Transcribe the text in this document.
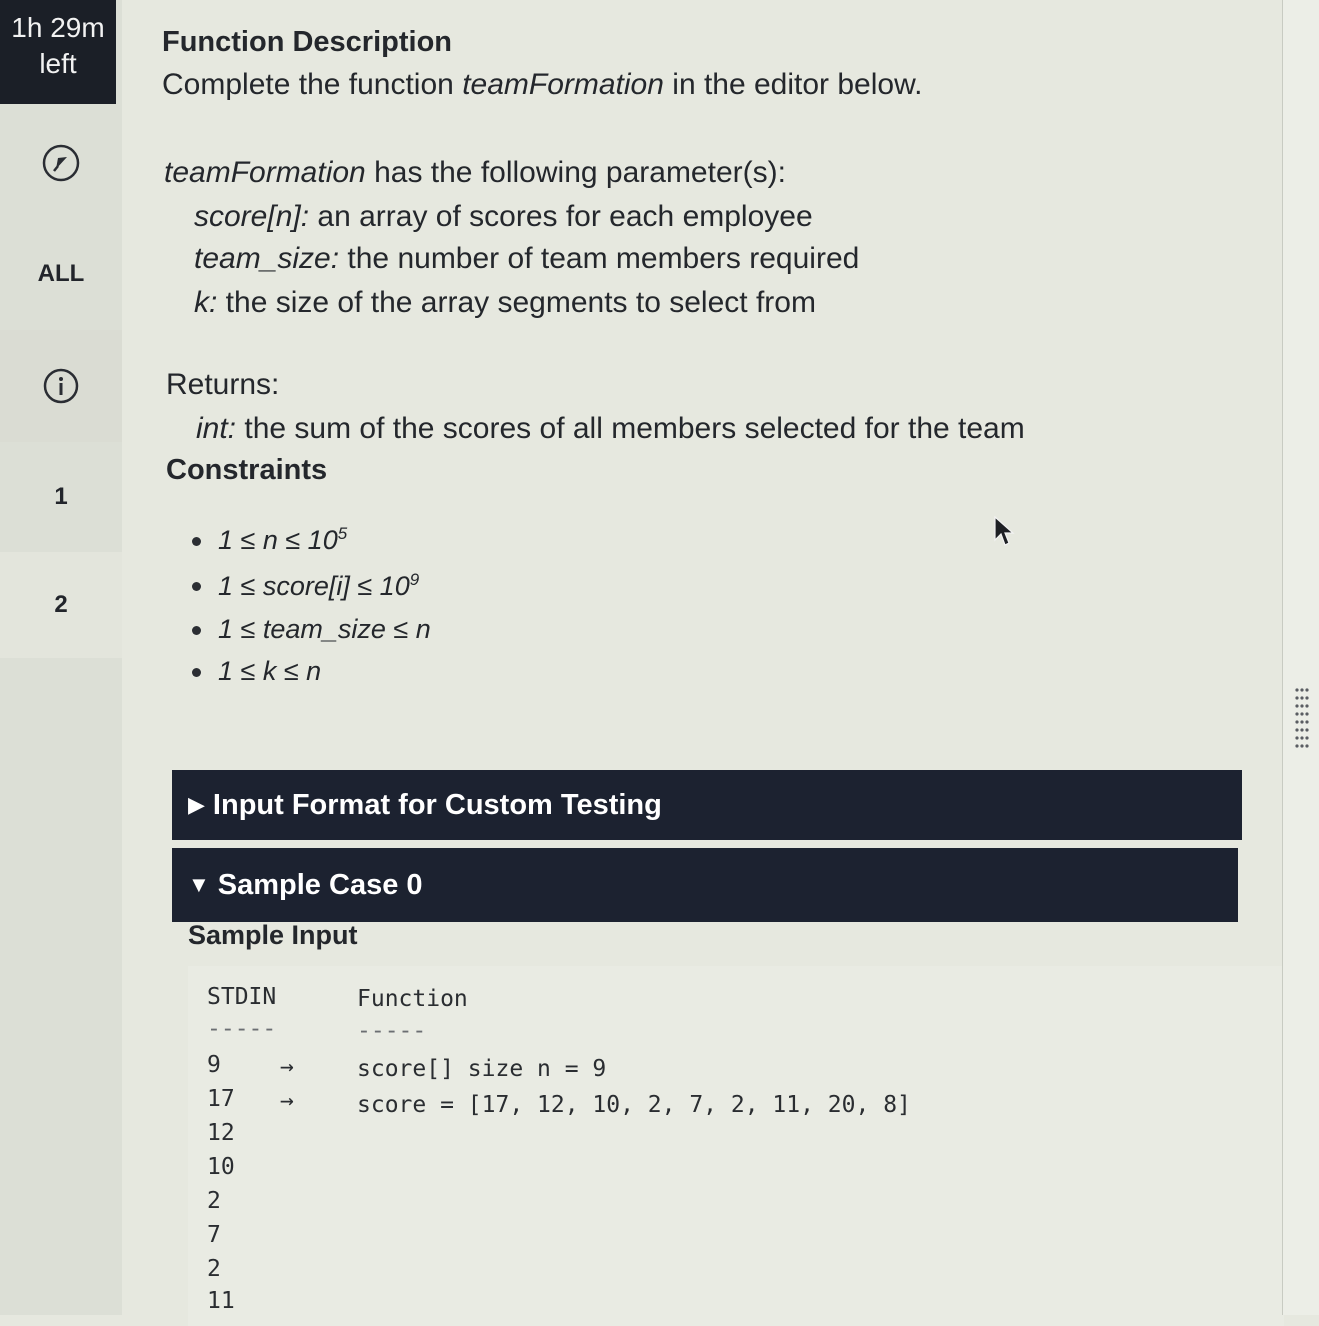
1h 29m
left
ALL
1
2
Function Description
Complete the function teamFormation in the editor below.
teamFormation has the following parameter(s):
score[n]: an array of scores for each employee
team_size: the number of team members required
k: the size of the array segments to select from
Returns:
int: the sum of the scores of all members selected for the team
Constraints
$1 \le n \le 10^5$
1 ≤ score[i] ≤ $10^9$
1 ≤ team_size ≤ n
1 ≤ k ≤ n
▶ Input Format for Custom Testing
▼ Sample Case 0
Sample Input
STDIN	Function
-----	-----
9
17
12
10
2
7
2
11
→
→
score[] size n = 9
score = [17, 12, 10, 2, 7, 2, 11, 20, 8]
